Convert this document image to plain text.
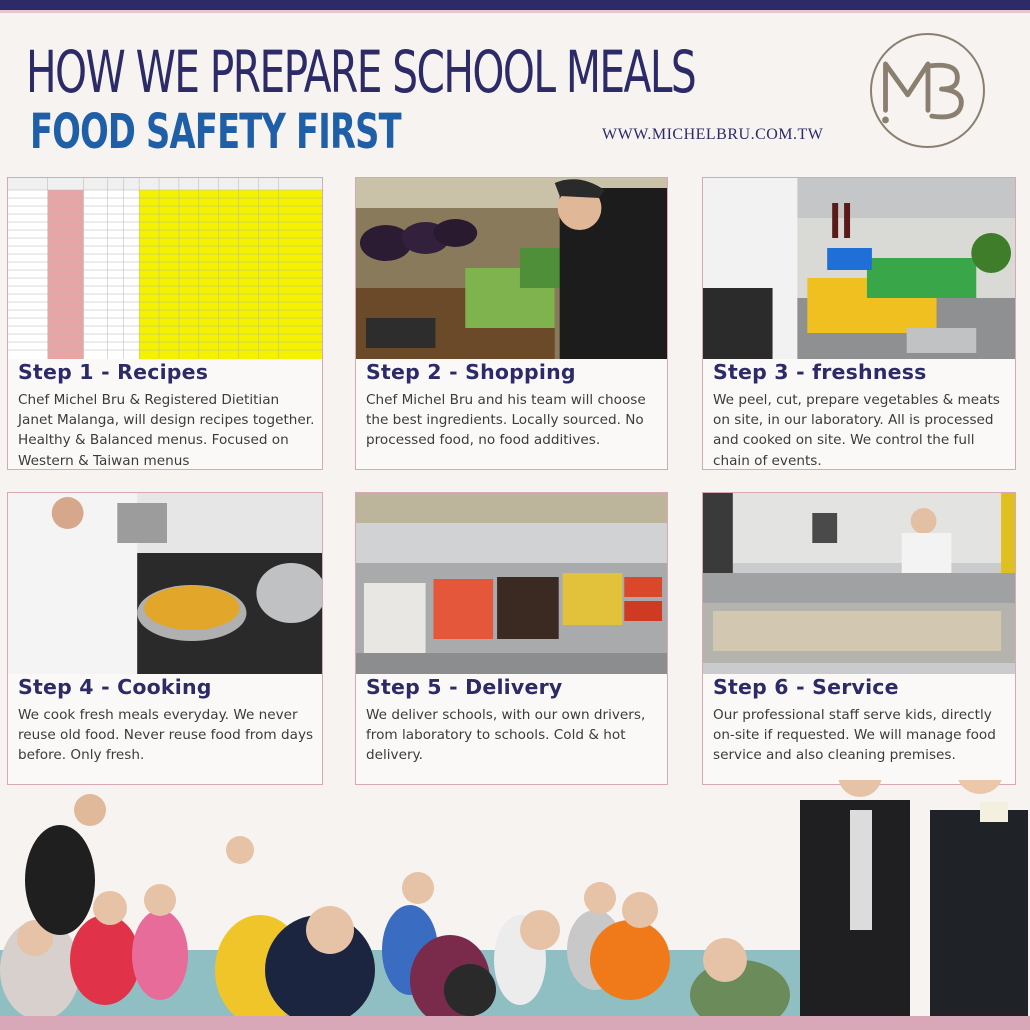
HOW WE PREPARE SCHOOL MEALS
FOOD SAFETY FIRST	WWW.MICHELBRU.COM.TW
Step 1 - Recipes
Chef Michel Bru & Registered Dietitian Janet Malanga, will design recipes together. Healthy & Balanced menus. Focused on Western & Taiwan menus
Step 2 - Shopping
Chef Michel Bru and his team will choose the best ingredients. Locally sourced. No processed food, no food additives.
Step 3 - freshness
We peel, cut, prepare vegetables & meats on site, in our laboratory. All is processed and cooked on site. We control the full chain of events.
Step 4 - Cooking
We cook fresh meals everyday. We never reuse old food. Never reuse food from days before. Only fresh.
Step 5 - Delivery
We deliver schools, with our own drivers, from laboratory to schools. Cold & hot delivery.
Step 6 - Service
Our professional staff serve kids, directly on-site if requested. We will manage food service and also cleaning premises.
